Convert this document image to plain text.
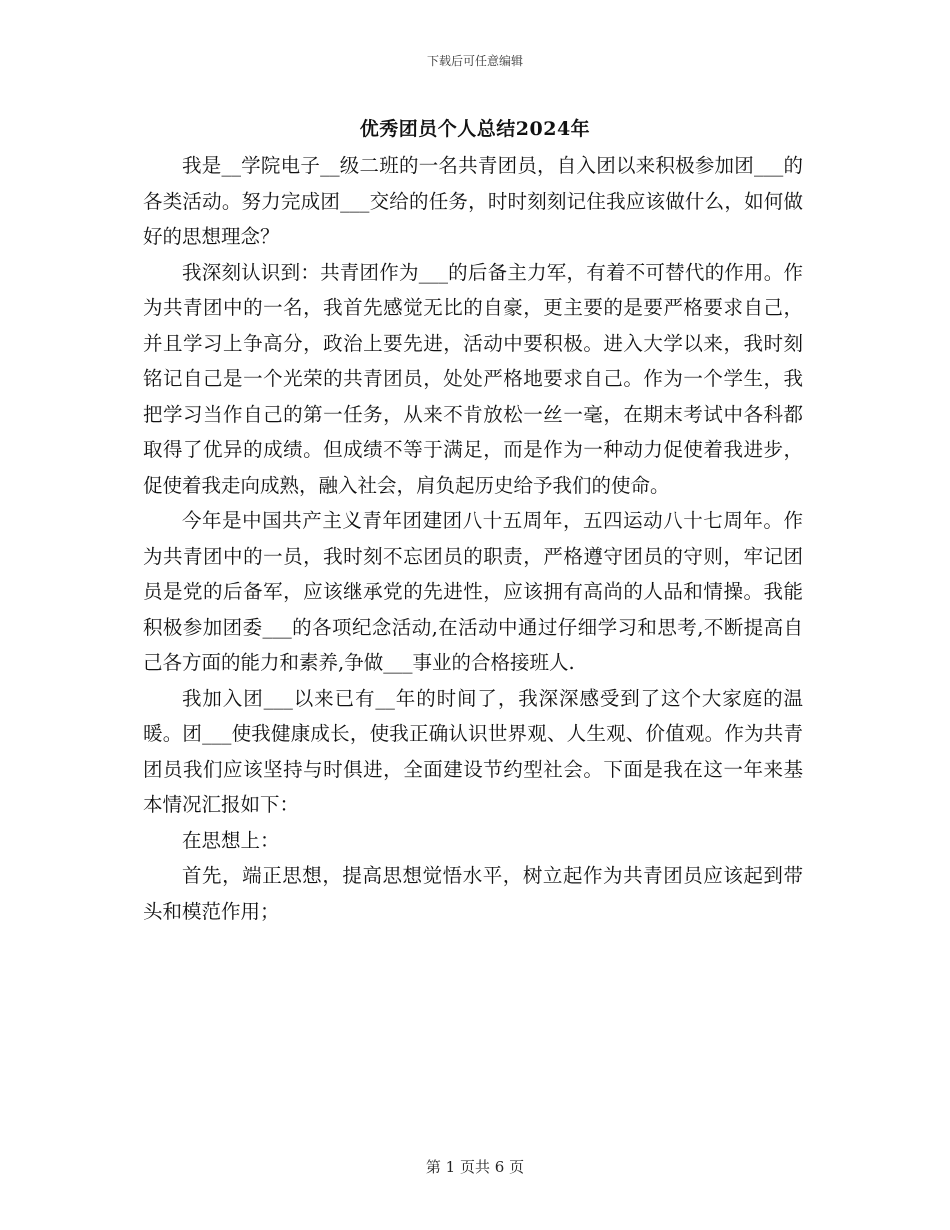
下载后可任意编辑
优秀团员个人总结2024年

我是__学院电子__级二班的一名共青团员，自入团以来积极参加团___的各类活动。努力完成团___交给的任务，时时刻刻记住我应该做什么，如何做好的思想理念？

我深刻认识到：共青团作为___的后备主力军，有着不可替代的作用。作为共青团中的一名，我首先感觉无比的自豪，更主要的是要严格要求自己，并且学习上争高分，政治上要先进，活动中要积极。进入大学以来，我时刻铭记自己是一个光荣的共青团员，处处严格地要求自己。作为一个学生，我把学习当作自己的第一任务，从来不肯放松一丝一毫，在期末考试中各科都取得了优异的成绩。但成绩不等于满足，而是作为一种动力促使着我进步，促使着我走向成熟，融入社会，肩负起历史给予我们的使命。

今年是中国共产主义青年团建团八十五周年，五四运动八十七周年。作为共青团中的一员，我时刻不忘团员的职责，严格遵守团员的守则，牢记团员是党的后备军，应该继承党的先进性，应该拥有高尚的人品和情操。我能积极参加团委___的各项纪念活动,在活动中通过仔细学习和思考,不断提高自己各方面的能力和素养,争做___事业的合格接班人.

我加入团___以来已有__年的时间了，我深深感受到了这个大家庭的温暖。团___使我健康成长，使我正确认识世界观、人生观、价值观。作为共青团员我们应该坚持与时俱进，全面建设节约型社会。下面是我在这一年来基本情况汇报如下：

在思想上：

首先，端正思想，提高思想觉悟水平，树立起作为共青团员应该起到带头和模范作用；

第 1 页共 6 页
